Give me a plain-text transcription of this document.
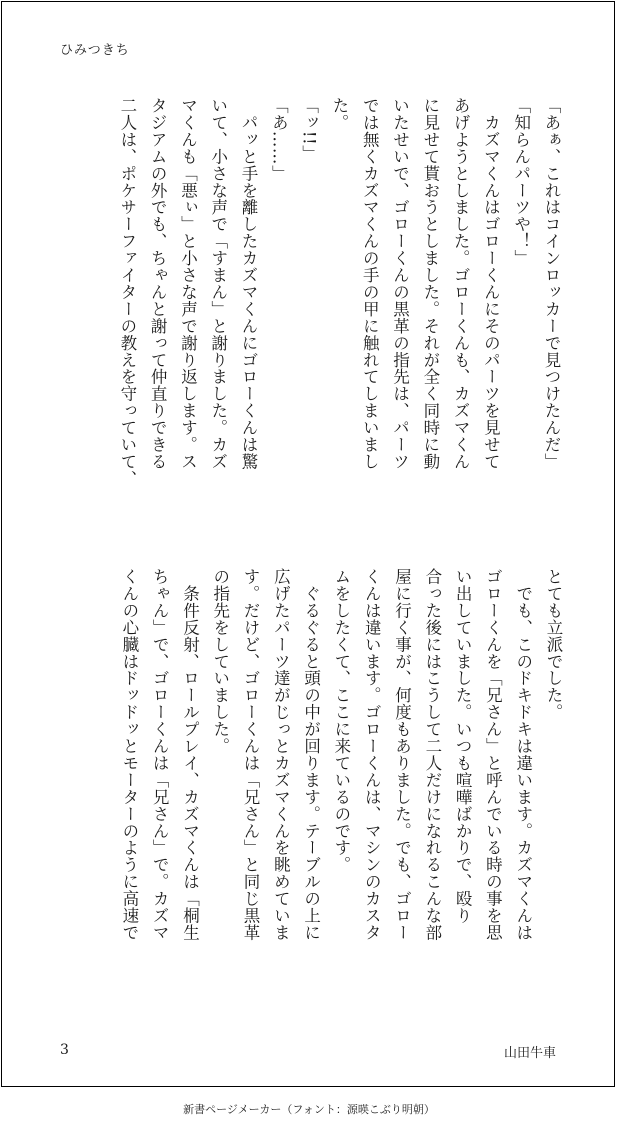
ひみつきち

「あぁ、これはコインロッカーで見つけたんだ」

「知らんパーツや！」

　カズマくんはゴローくんにそのパーツを見せて

あげようとしました。ゴローくんも、カズマくん

に見せて貰おうとしました。それが全く同時に動

いたせいで、ゴローくんの黒革の指先は、パーツ

では無くカズマくんの手の甲に触れてしまいまし

た。

「ッ!!」

「あ……」

　パッと手を離したカズマくんにゴローくんは驚

いて、小さな声で「すまん」と謝りました。カズ

マくんも「悪ぃ」と小さな声で謝り返します。ス

タジアムの外でも、ちゃんと謝って仲直りできる

二人は、ポケサーファイターの教えを守っていて、

とても立派でした。

　でも、このドキドキは違います。カズマくんは

ゴローくんを「兄さん」と呼んでいる時の事を思

い出していました。いつも喧嘩ばかりで、殴り

合った後にはこうして二人だけになれるこんな部

屋に行く事が、何度もありました。でも、ゴロー

くんは違います。ゴローくんは、マシンのカスタ

ムをしたくて、ここに来ているのです。

　ぐるぐると頭の中が回ります。テーブルの上に

広げたパーツ達がじっとカズマくんを眺めていま

す。だけど、ゴローくんは「兄さん」と同じ黒革

の指先をしていました。

　条件反射、ロールプレイ、カズマくんは「桐生

ちゃん」で、ゴローくんは「兄さん」で。カズマ

くんの心臓はドッドッとモーターのように高速で

3	山田牛車

新書ページメーカー（フォント：源暎こぶり明朝）
